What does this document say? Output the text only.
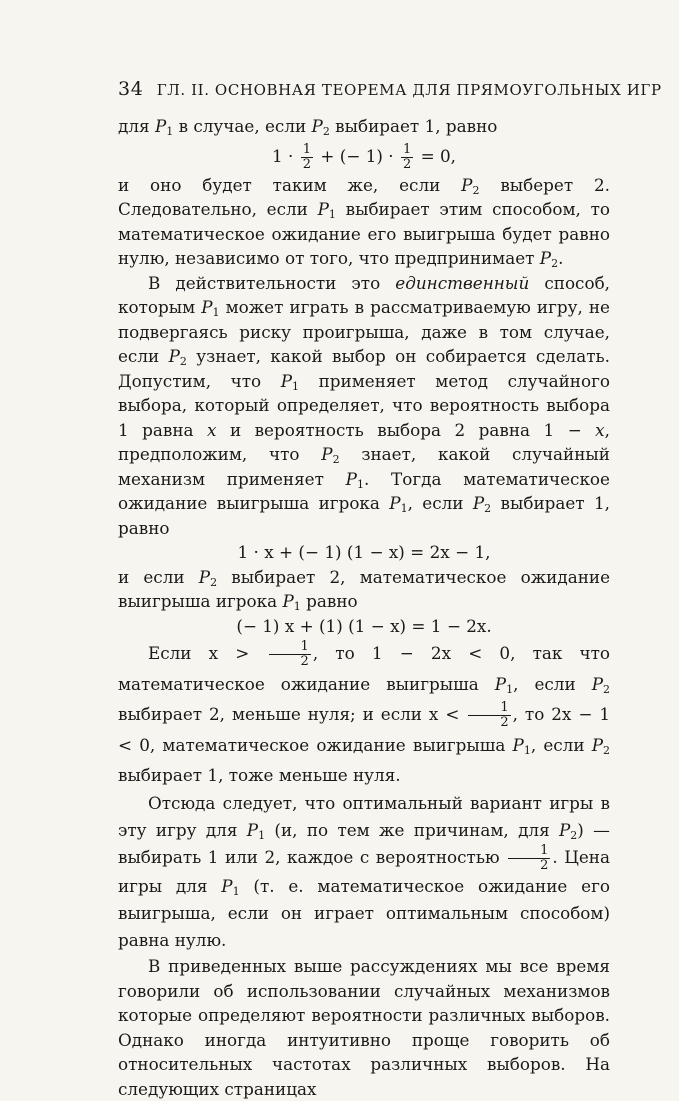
34 ГЛ. II. ОСНОВНАЯ ТЕОРЕМА ДЛЯ ПРЯМОУГОЛЬНЫХ ИГР

для $P_1$ в случае, если $P_2$ выбирает 1, равно

$1 \cdot \frac{1}{2}$ + (− $1) \cdot \frac{1}{2} = 0$,

и оно будет таким же, если $P_2$ выберет 2. Следовательно, если $P_1$ выбирает этим способом, то математическое ожидание его выигрыша будет равно нулю, независимо от того, что предпринимает $P_2$.

В действительности это единственный способ, которым $P_1$ может играть в рассматриваемую игру, не подвергаясь риску проигрыша, даже в том случае, если $P_2$ узнает, какой выбор он собирается сделать. Допустим, что $P_1$ применяет метод случайного выбора, который определяет, что вероятность выбора 1 равна x и вероятность выбора 2 равна 1 − x, предположим, что $P_2$ знает, какой случайный механизм применяет $P_1$. Тогда математическое ожидание выигрыша игрока $P_1$, если $P_2$ выбирает 1, равно

1 · x + (− 1) (1 − x) = 2x − 1,

и если $P_2$ выбирает 2, математическое ожидание выигрыша игрока $P_1$ равно

(− 1) x + (1) (1 − x) = 1 − 2x.

Если $x > \frac{1}{2}$ , то 1 − 2x < 0, так что математическое ожидание выигрыша $P_1$, если $P_2$ выбирает 2, меньше нуля; и если $x < \frac{1}{2}$ , то 2x − 1 < 0, математическое ожидание выигрыша $P_1$, если $P_2$ выбирает 1, тоже меньше нуля.

Отсюда следует, что оптимальный вариант игры в эту игру для $P_1$ (и, по тем же причинам, для $P_2$) — выбирать 1 или 2, каждое с вероятностью $\frac{1}{2}$ . Цена игры для $P_1$ (т. е. математическое ожидание его выигрыша, если он играет оптимальным способом) равна нулю.

В приведенных выше рассуждениях мы все время говорили об использовании случайных механизмов которые определяют вероятности различных выборов. Однако иногда интуитивно проще говорить об относительных частотах различных выборов. На следующих страницах
